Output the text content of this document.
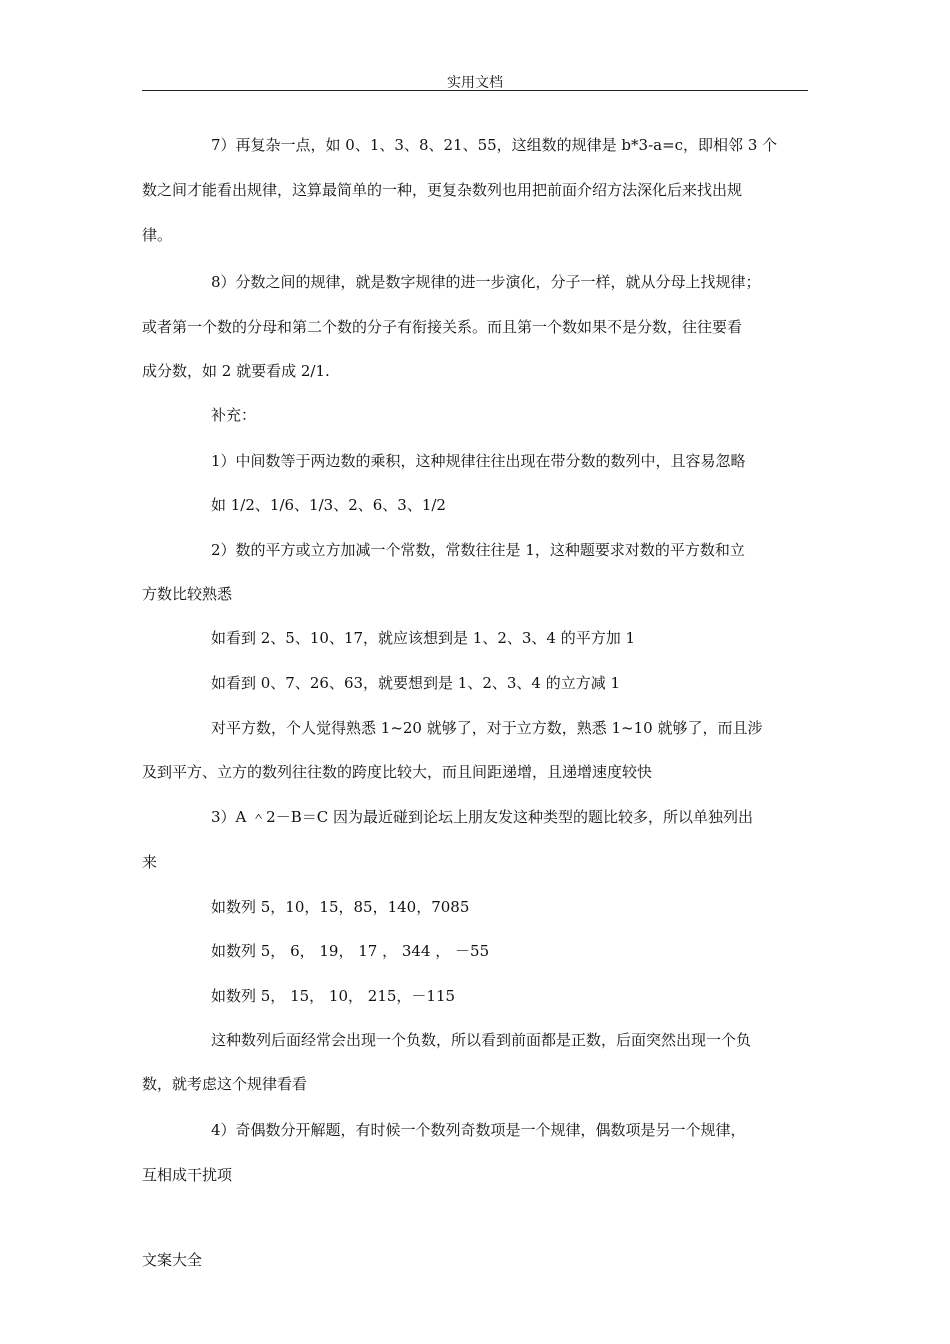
实用文档
7）再复杂一点，如 0、1、3、8、21、55，这组数的规律是 b*3-a=c，即相邻 3 个
数之间才能看出规律，这算最简单的一种，更复杂数列也用把前面介绍方法深化后来找出规
律。
8）分数之间的规律，就是数字规律的进一步演化，分子一样，就从分母上找规律；
或者第一个数的分母和第二个数的分子有衔接关系。而且第一个数如果不是分数，往往要看
成分数，如 2 就要看成 2/1.
补充：
1）中间数等于两边数的乘积，这种规律往往出现在带分数的数列中，且容易忽略
如 1/2、1/6、1/3、2、6、3、1/2
2）数的平方或立方加减一个常数，常数往往是 1，这种题要求对数的平方数和立
方数比较熟悉
如看到 2、5、10、17，就应该想到是 1、2、3、4 的平方加 1
如看到 0、7、26、63，就要想到是 1、2、3、4 的立方减 1
对平方数，个人觉得熟悉 1~20 就够了，对于立方数，熟悉 1~10 就够了，而且涉
及到平方、立方的数列往往数的跨度比较大，而且间距递增，且递增速度较快
3）A ＾2－B＝C 因为最近碰到论坛上朋友发这种类型的题比较多，所以单独列出
来
如数列 5，10，15，85，140，7085
如数列 5， 6， 19， 17 ， 344 ， －55
如数列 5， 15， 10， 215，－115
这种数列后面经常会出现一个负数，所以看到前面都是正数，后面突然出现一个负
数，就考虑这个规律看看
4）奇偶数分开解题，有时候一个数列奇数项是一个规律，偶数项是另一个规律，
互相成干扰项
文案大全
